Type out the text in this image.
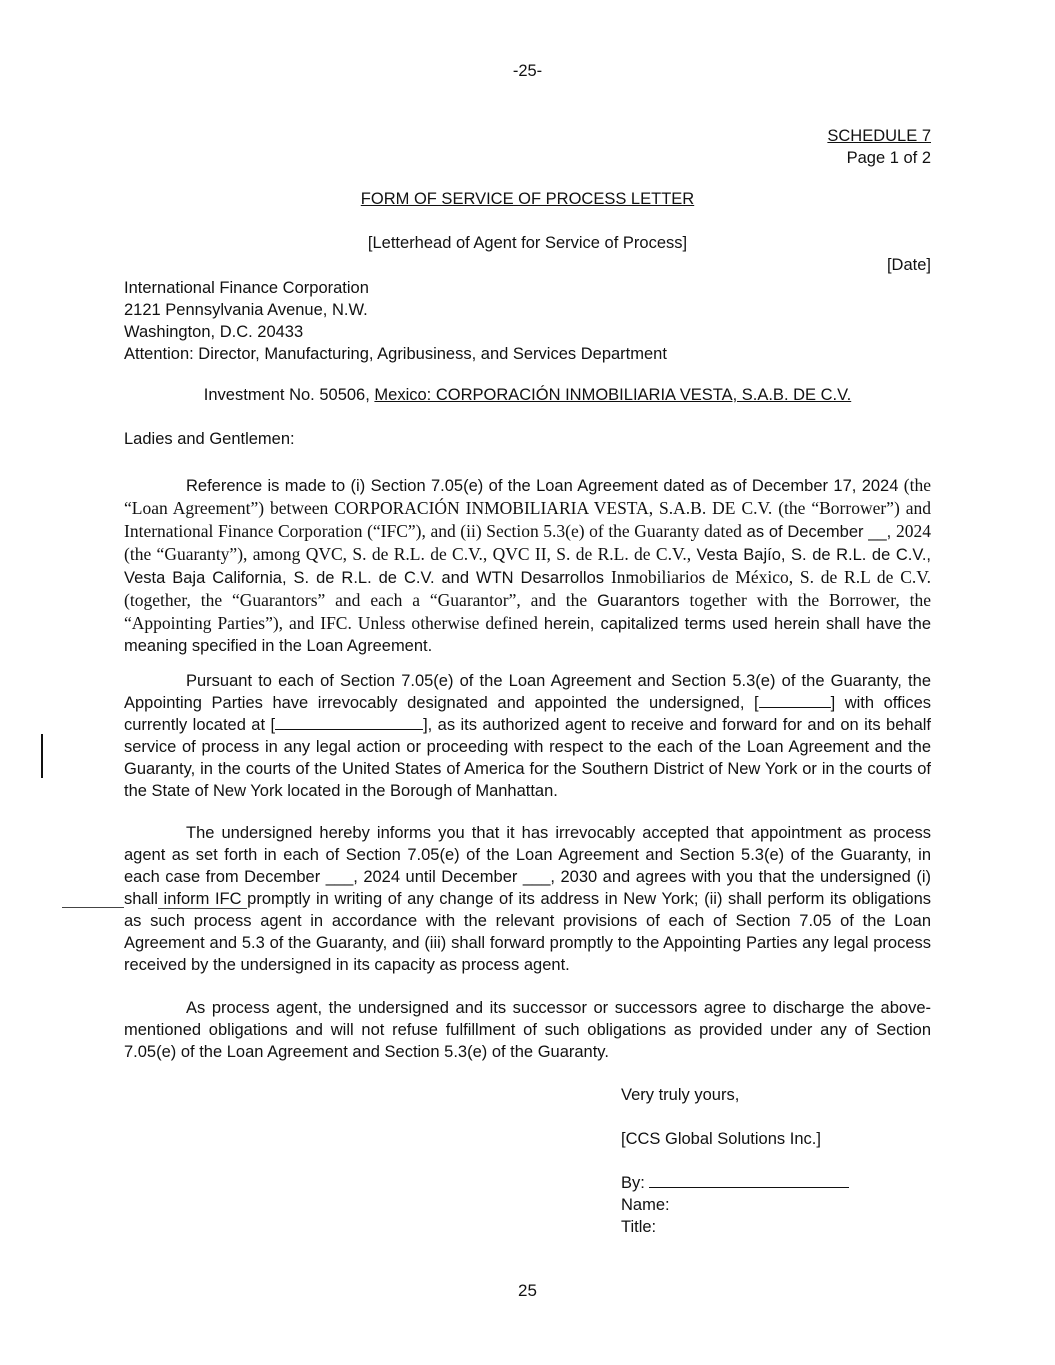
-25-
SCHEDULE 7
Page 1 of 2
FORM OF SERVICE OF PROCESS LETTER
[Letterhead of Agent for Service of Process]
[Date]
International Finance Corporation
2121 Pennsylvania Avenue, N.W.
Washington, D.C. 20433
Attention: Director, Manufacturing, Agribusiness, and Services Department
Investment No. 50506, Mexico: CORPORACIÓN INMOBILIARIA VESTA, S.A.B. DE C.V.
Ladies and Gentlemen:
Reference is made to (i) Section 7.05(e) of the Loan Agreement dated as of December 17, 2024 (the “Loan Agreement”) between CORPORACIÓN INMOBILIARIA VESTA, S.A.B. DE C.V. (the “Borrower”) and International Finance Corporation (“IFC”), and (ii) Section 5.3(e) of the Guaranty dated as of December __, 2024 (the “Guaranty”), among QVC, S. de R.L. de C.V., QVC II, S. de R.L. de C.V., Vesta Bajío, S. de R.L. de C.V., Vesta Baja California, S. de R.L. de C.V. and WTN Desarrollos Inmobiliarios de México, S. de R.L de C.V. (together, the “Guarantors” and each a “Guarantor”, and the Guarantors together with the Borrower, the “Appointing Parties”), and IFC. Unless otherwise defined herein, capitalized terms used herein shall have the meaning specified in the Loan Agreement.
Pursuant to each of Section 7.05(e) of the Loan Agreement and Section 5.3(e) of the Guaranty, the Appointing Parties have irrevocably designated and appointed the undersigned, [	] with offices currently located at [	], as its authorized agent to receive and forward for and on its behalf service of process in any legal action or proceeding with respect to the each of the Loan Agreement and the Guaranty, in the courts of the United States of America for the Southern District of New York or in the courts of the State of New York located in the Borough of Manhattan.
The undersigned hereby informs you that it has irrevocably accepted that appointment as process agent as set forth in each of Section 7.05(e) of the Loan Agreement and Section 5.3(e) of the Guaranty, in each case from December ___, 2024 until December ___, 2030 and agrees with you that the undersigned (i) shall inform IFC promptly in writing of any change of its address in New York; (ii) shall perform its obligations as such process agent in accordance with the relevant provisions of each of Section 7.05 of the Loan Agreement and 5.3 of the Guaranty, and (iii) shall forward promptly to the Appointing Parties any legal process received by the undersigned in its capacity as process agent.
As process agent, the undersigned and its successor or successors agree to discharge the above-mentioned obligations and will not refuse fulfillment of such obligations as provided under any of Section 7.05(e) of the Loan Agreement and Section 5.3(e) of the Guaranty.
Very truly yours,
[CCS Global Solutions Inc.]
By:
Name:
Title:
25
